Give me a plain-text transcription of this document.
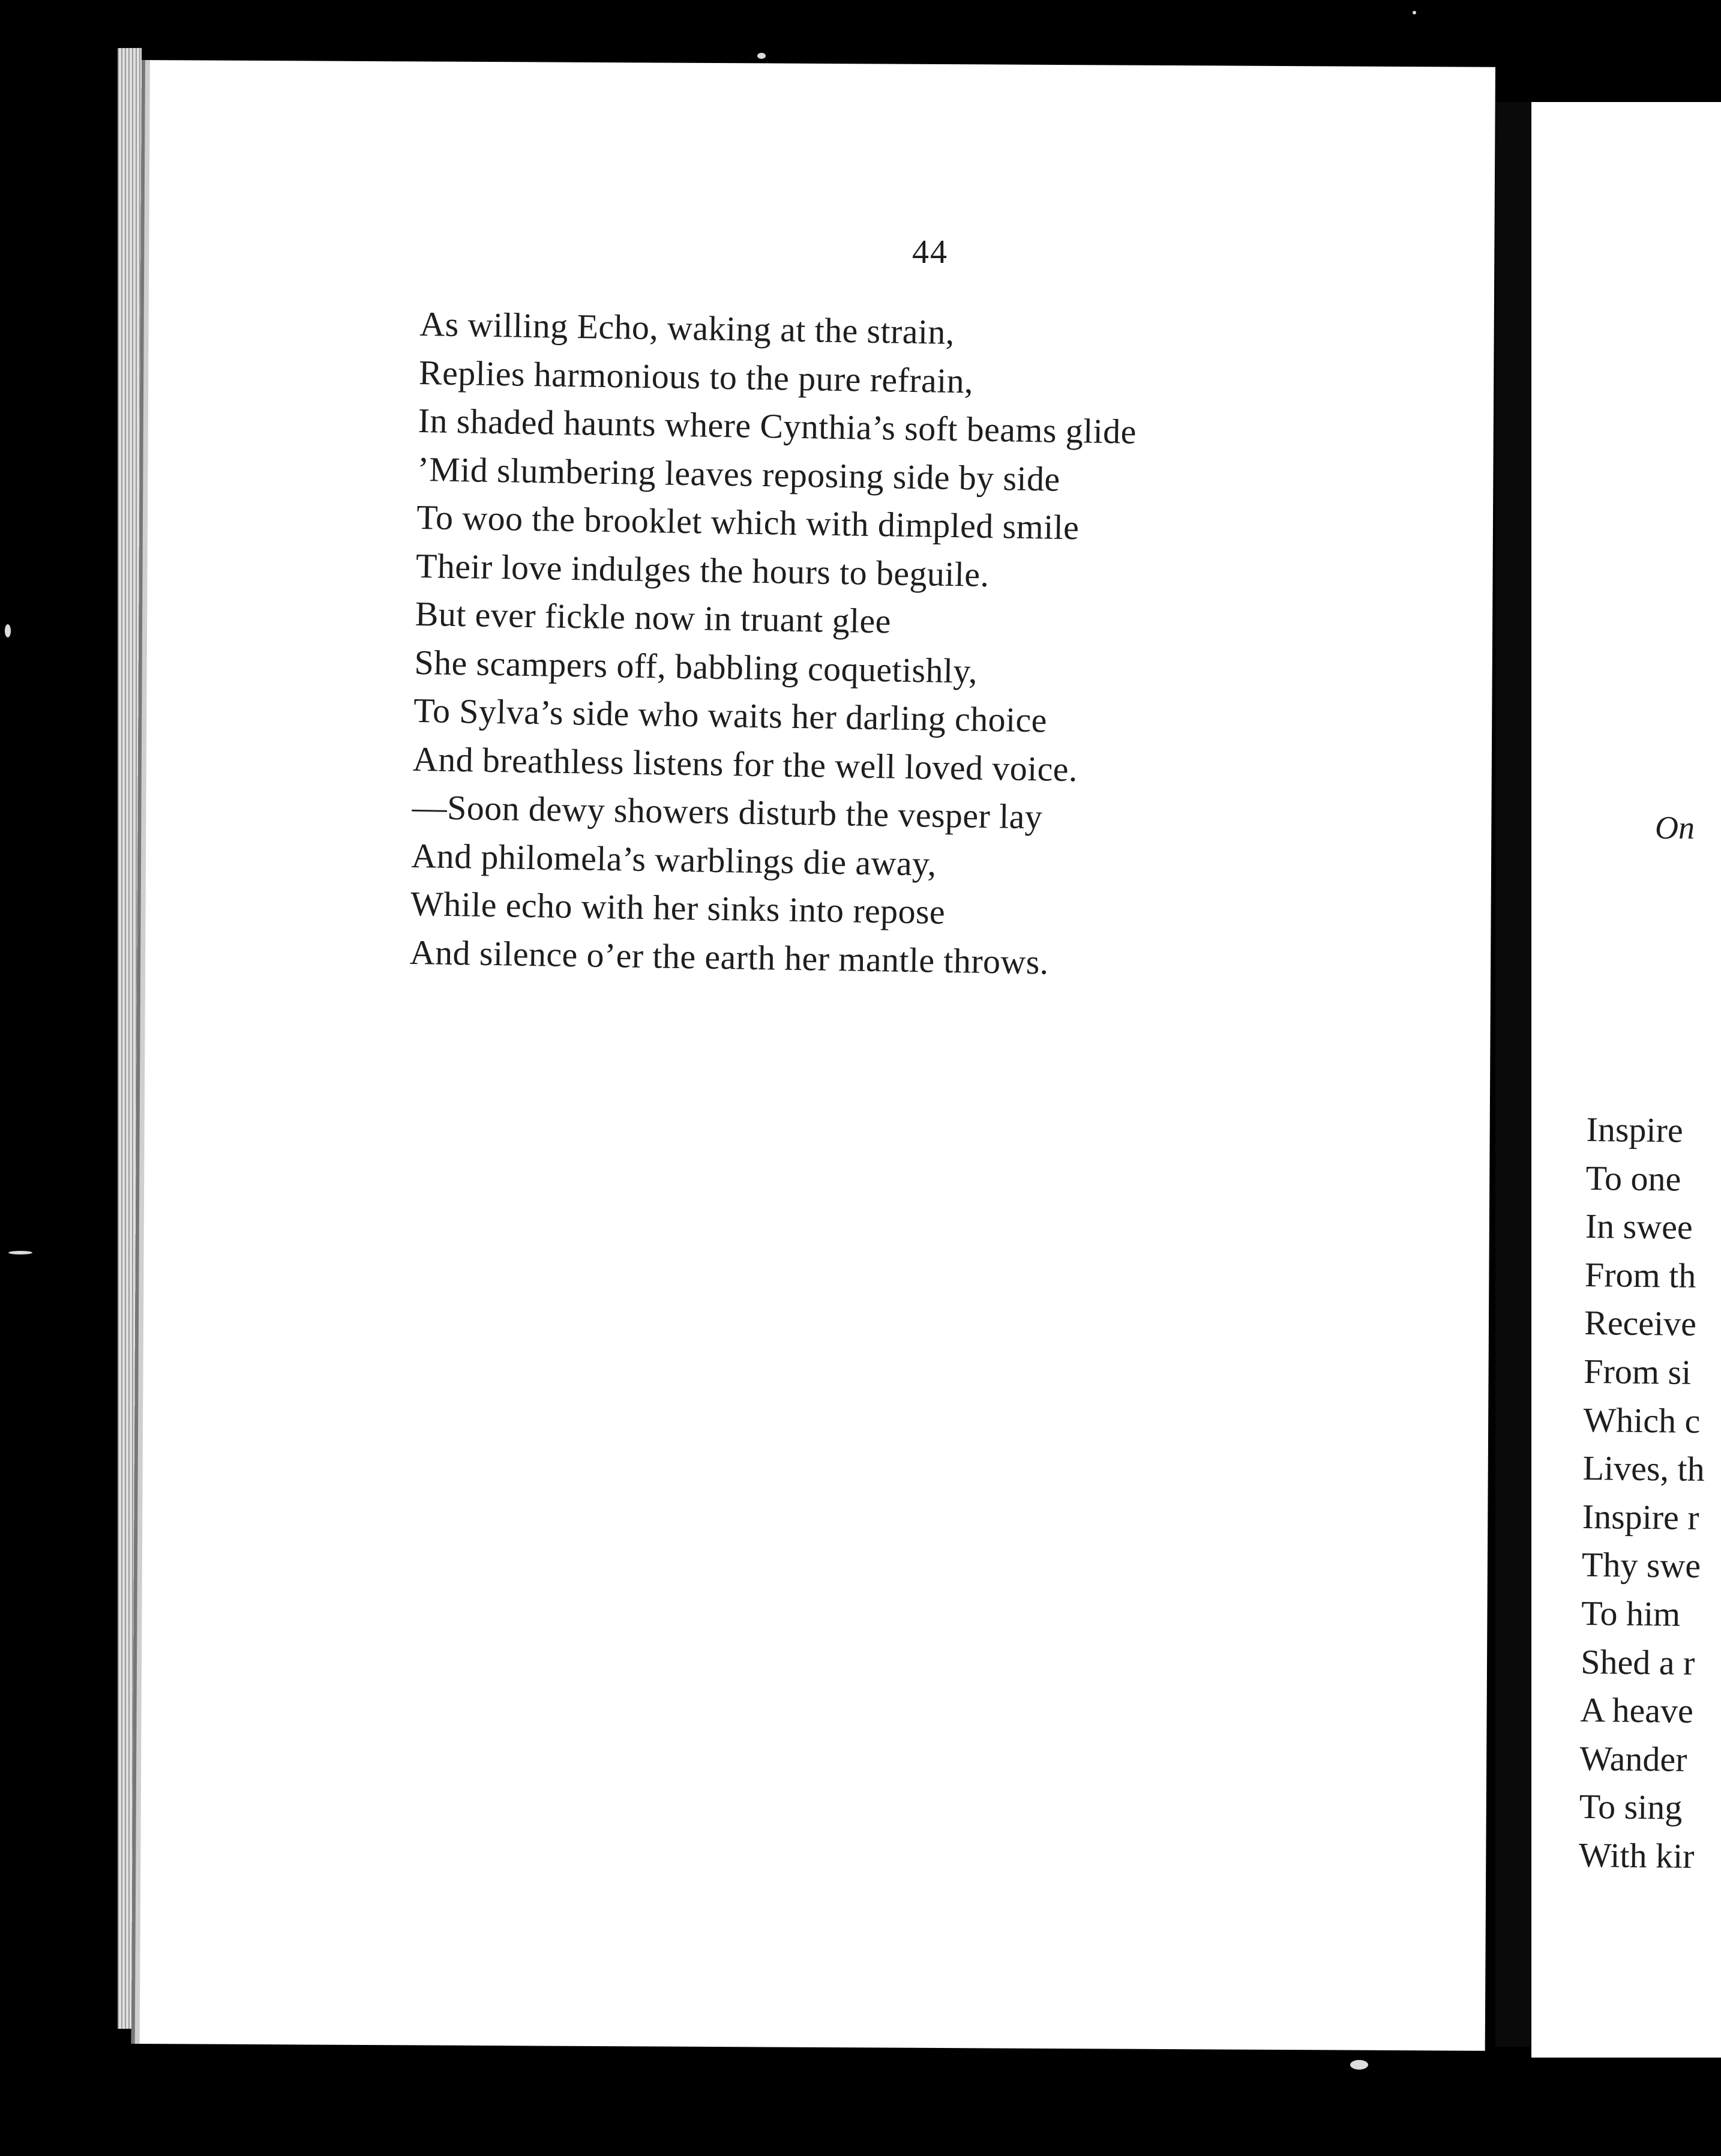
44

As willing Echo, waking at the strain,
Replies harmonious to the pure refrain,
In shaded haunts where Cynthia’s soft beams glide
’Mid slumbering leaves reposing side by side
To woo the brooklet which with dimpled smile
Their love indulges the hours to beguile.
But ever fickle now in truant glee
She scampers off, babbling coquetishly,
To Sylva’s side who waits her darling choice
And breathless listens for the well loved voice.
—Soon dewy showers disturb the vesper lay
And philomela’s warblings die away,
While echo with her sinks into repose
And silence o’er the earth her mantle throws.

On

Inspire
To one
In swee
From th
Receive
From si
Which c
Lives, th
Inspire r
Thy swe
To him
Shed a r
A heave
Wander
To sing
With kir
